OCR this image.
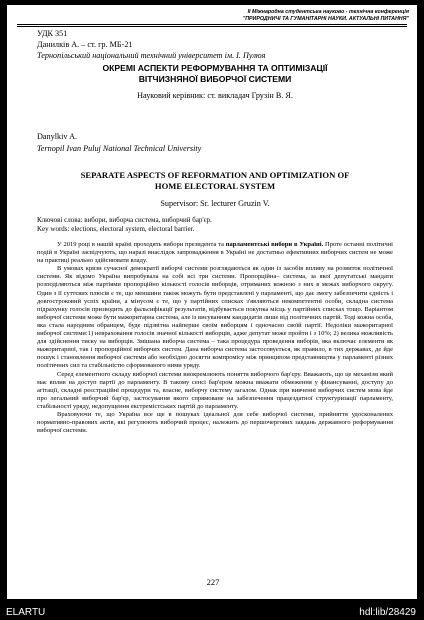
II Міжнародна студентська науково - технічна конференція
"ПРИРОДНИЧІ ТА ГУМАНІТАРНІ НАУКИ. АКТУАЛЬНІ ПИТАННЯ"
УДК 351
Данилків А. – ст. гр. МБ-21
Тернопільський національний технічний університет ім. І. Пулюя
ОКРЕМІ АСПЕКТИ РЕФОРМУВАННЯ ТА ОПТИМІЗАЦІЇ
ВІТЧИЗНЯНОЇ ВИБОРЧОЇ СИСТЕМИ
Науковий керівник: ст. викладач Грузін В. Я.
Danylkiv A.
Ternopil Ivan Puluj National Technical University
SEPARATE ASPECTS OF REFORMATION AND OPTIMIZATION OF
HOME ELECTORAL SYSTEM
Supervisor: Sr. lecturer Gruzin V.
Ключові слова: вибори, виборча система, виборчий бар'єр.
Key words: elections, electoral system, electoral barrier.

У 2019 році в нашій країні проходять вибори президента та парламентські вибори в Україні. Проте останні політичні подій в Україні засвідчують, що наразі внаслідок запровадження в Україні не достатньо ефективних виборчих систем не може на практиці реально здійснювати владу.

В умовах кризи сучасної демократії виборчі системи розглядаються як один із засобів впливу на розвиток політичної системи. Як відомо Україна випробувала на собі всі три системи. Пропорційна– система, за якої депутатські мандати розподіляються між партіями пропорційно кількості голосів виборців, отриманих кожною з них в межах виборчого округу. Один з її суттєвих плюсів є те, що меншини також можуть бути представлені у парламенті, що дає змогу забезпечити єдність і довгостроковий успіх країни, а мінусом є те, що у партійних списках з'являються некомпетентні особи, складна система підрахунку голосів призводить до фальсифікації результатів, відбувається покупка місць у партійних списках тощо. Варіантом виборчої системи може бути мажоритарна система, але із висуванням кандидатів лише від політичних партій. Тоді кожна особа, яка стала народним обранцем, буде підзвітна найперше своїм виборцям і одночасно своїй партії. Недоліки мажоритарної виборчої системи:1) невраховання голосів значної кількості виборців, адже депутат може пройти і з 10%; 2) велика можливість для здійснення тиску на виборців. Змішана виборча система – така процедура проведення виборів, яка включає елементи як мажоритарної, так і пропорційної виборчих систем. Дана виборча система застосовується, як правило, в тих державах, де йде пошук і становлення виборчої системи або необхідно досягти компромісу між принципом представництва у парламенті різних політичних сил та стабільністю сформованого ними уряду.

Серед елементного складу виборчої системи виокремлюють поняття виборчого бар'єру. Вважають, що це механізм який має вплив на доступ партії до парламенту. В такому сенсі бар'єром можна вважати обмеження у фінансуванні, доступу до агітації, складні реєстраційні процедури та, власне, виборчу систему загалом. Однак при вивченні виборчих систем мова йде про легальний виборчий бар'єр, застосування якого спрямоване на забезпечення працездатної структуризації парламенту, стабільності уряду, недопущення екстремістських партій до парламенту.

Враховуючи те, що Україна все ще в пошуках ідеальної для себе виборчої системи, прийняття удосконалених нормативно-правових актів, які регулюють виборчий процес, належить до першочергових завдань державного реформування виборчої системи.

227
ELARTU	hdl:lib/28429
